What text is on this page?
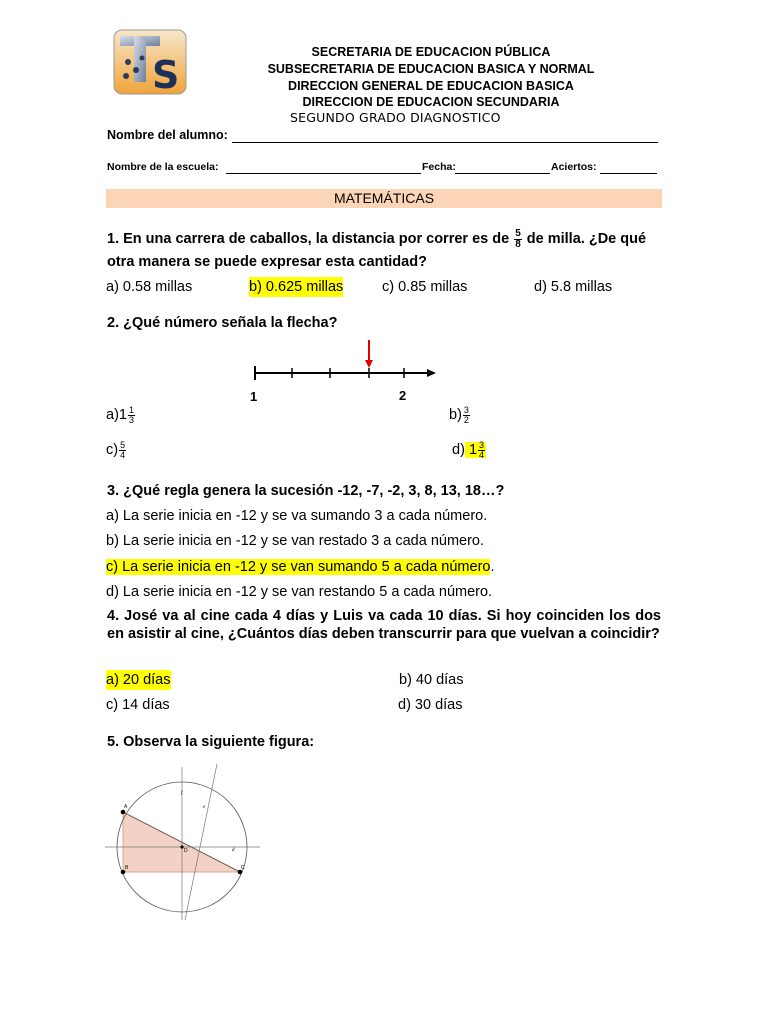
S
SECRETARIA DE EDUCACION PÚBLICA
SUBSECRETARIA DE EDUCACION BASICA Y NORMAL
DIRECCION GENERAL DE EDUCACION BASICA
DIRECCION DE EDUCACION SECUNDARIA
SEGUNDO GRADO DIAGNOSTICO
Nombre del alumno:
Nombre de la escuela:	Fecha:	Aciertos:
MATEMÁTICAS
1. En una carrera de caballos, la distancia por correr es de $\frac{5}{8}$ de milla. ¿De qué
otra manera se puede expresar esta cantidad?
a) 0.58 millas	b) 0.625 millas	c) 0.85 millas	d) 5.8 millas
2. ¿Qué número señala la flecha?
1	2
$a)1 \frac{1}{3}$	$b) \frac{3}{2}$
$c) \frac{5}{4}$	d) $1 \frac{3}{4}$
3. ¿Qué regla genera la sucesión -12, -7, -2, 3, 8, 13, 18…?
a) La serie inicia en -12 y se va sumando 3 a cada número.
b) La serie inicia en -12 y se van restado 3 a cada número.
c) La serie inicia en -12 y se van sumando 5 a cada número.
d) La serie inicia en -12 y se van restando 5 a cada número.
4. José va al cine cada 4 días y Luis va cada 10 días. Si hoy coinciden los dos en asistir al cine, ¿Cuántos días deben transcurrir para que vuelvan a coincidir?
a) 20 días	b) 40 días
c) 14 días	d) 30 días
5. Observa la siguiente figura:
A
B	C
D
f
e
d
